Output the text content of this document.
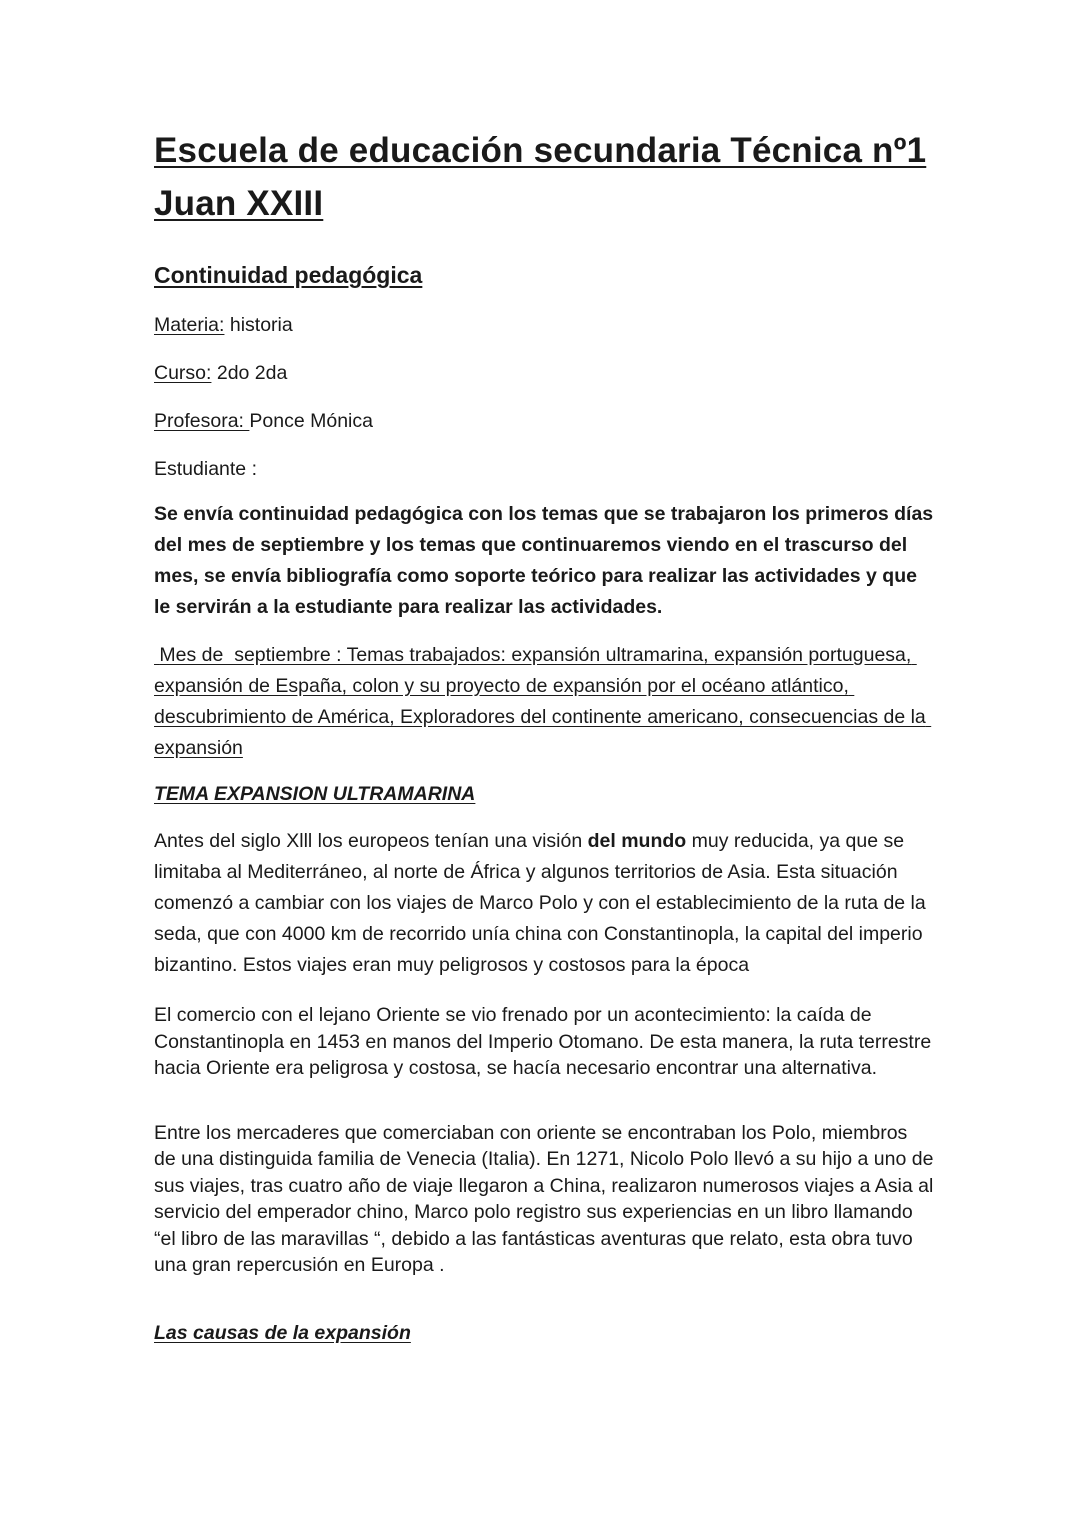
Escuela de educación secundaria Técnica nº1 Juan XXIII
Continuidad pedagógica

Materia: historia

Curso: 2do 2da

Profesora: Ponce Mónica

Estudiante :

Se envía continuidad pedagógica con los temas que se trabajaron los primeros días del mes de septiembre y los temas que continuaremos viendo en el trascurso del mes, se envía bibliografía como soporte teórico para realizar las actividades y que le servirán a la estudiante para realizar las actividades.

Mes de  septiembre : Temas trabajados: expansión ultramarina, expansión portuguesa, expansión de España, colon y su proyecto de expansión por el océano atlántico, descubrimiento de América, Exploradores del continente americano, consecuencias de la expansión

TEMA EXPANSION ULTRAMARINA

Antes del siglo Xlll los europeos tenían una visión del mundo muy reducida, ya que se limitaba al Mediterráneo, al norte de África y algunos territorios de Asia. Esta situación comenzó a cambiar con los viajes de Marco Polo y con el establecimiento de la ruta de la seda, que con 4000 km de recorrido unía china con Constantinopla, la capital del imperio bizantino. Estos viajes eran muy peligrosos y costosos para la época

El comercio con el lejano Oriente se vio frenado por un acontecimiento: la caída de Constantinopla en 1453 en manos del Imperio Otomano. De esta manera, la ruta terrestre hacia Oriente era peligrosa y costosa, se hacía necesario encontrar una alternativa.

Entre los mercaderes que comerciaban con oriente se encontraban los Polo, miembros de una distinguida familia de Venecia (Italia). En 1271, Nicolo Polo llevó a su hijo a uno de sus viajes, tras cuatro año de viaje llegaron a China, realizaron numerosos viajes a Asia al servicio del emperador chino, Marco polo registro sus experiencias en un libro llamando “el libro de las maravillas “, debido a las fantásticas aventuras que relato, esta obra tuvo una gran repercusión en Europa .

Las causas de la expansión
